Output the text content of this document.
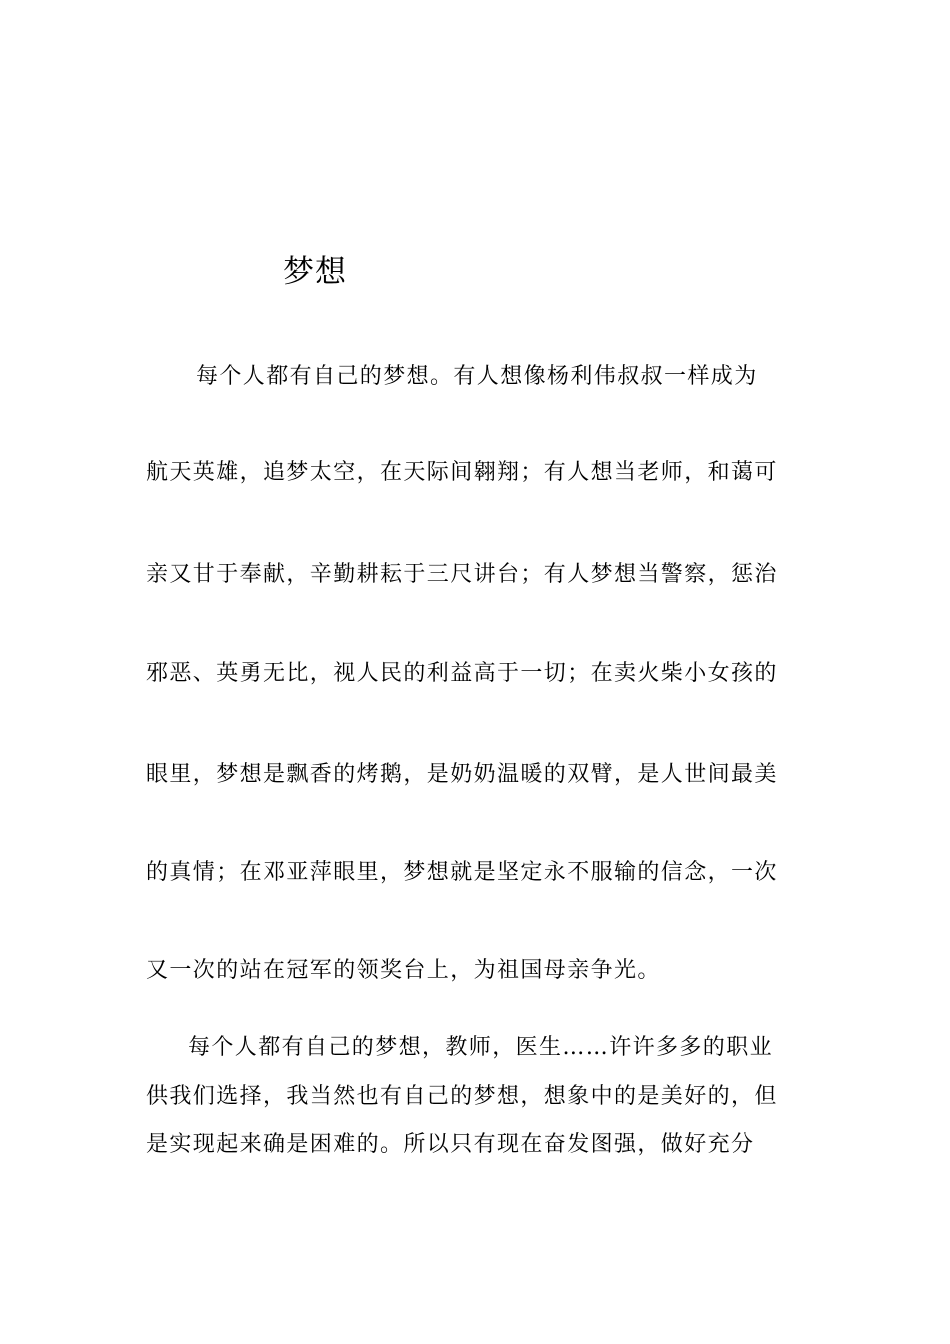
梦想
每个人都有自己的梦想。有人想像杨利伟叔叔一样成为
航天英雄，追梦太空，在天际间翱翔；有人想当老师，和蔼可
亲又甘于奉献，辛勤耕耘于三尺讲台；有人梦想当警察，惩治
邪恶、英勇无比，视人民的利益高于一切；在卖火柴小女孩的
眼里，梦想是飘香的烤鹅，是奶奶温暖的双臂，是人世间最美
的真情；在邓亚萍眼里，梦想就是坚定永不服输的信念，一次
又一次的站在冠军的领奖台上，为祖国母亲争光。
每个人都有自己的梦想，教师，医生……许许多多的职业
供我们选择，我当然也有自己的梦想，想象中的是美好的，但
是实现起来确是困难的。所以只有现在奋发图强，做好充分
